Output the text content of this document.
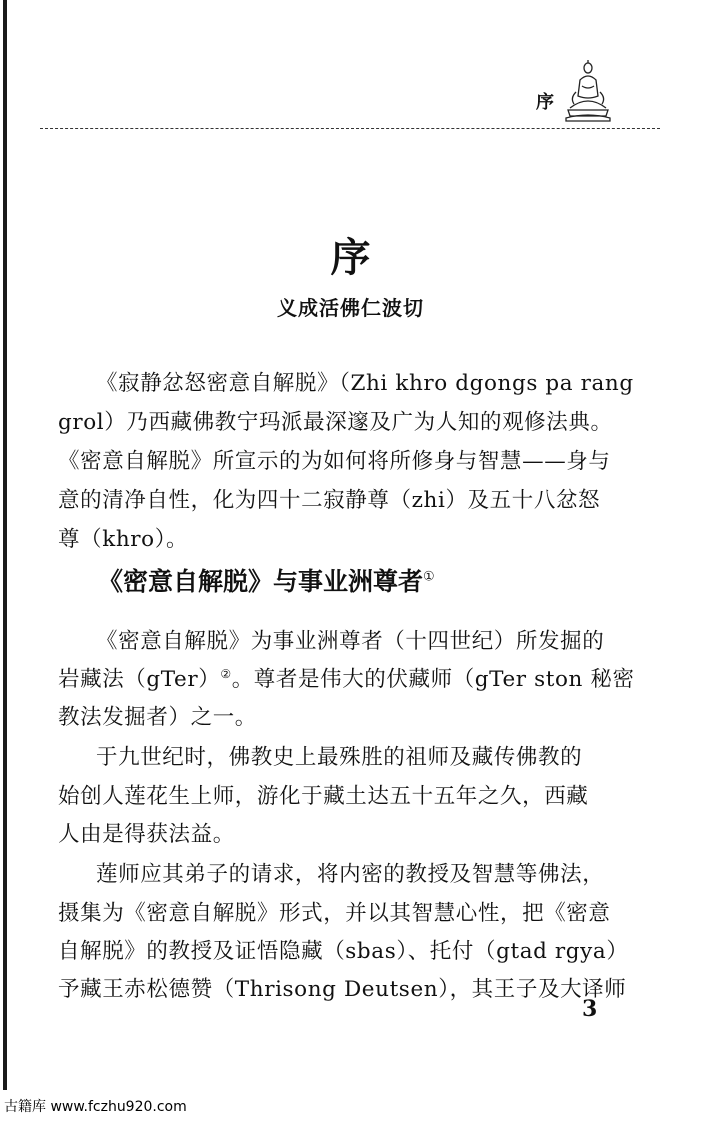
序
序
义成活佛仁波切
《寂静忿怒密意自解脱》（Zhi khro dgongs pa rang
grol）乃西藏佛教宁玛派最深邃及广为人知的观修法典。
《密意自解脱》所宣示的为如何将所修身与智慧——身与
意的清净自性，化为四十二寂静尊（zhi）及五十八忿怒
尊（khro）。
《密意自解脱》与事业洲尊者①
《密意自解脱》为事业洲尊者（十四世纪）所发掘的
岩藏法（gTer）②。尊者是伟大的伏藏师（gTer ston 秘密
教法发掘者）之一。
于九世纪时，佛教史上最殊胜的祖师及藏传佛教的
始创人莲花生上师，游化于藏土达五十五年之久，西藏
人由是得获法益。
莲师应其弟子的请求，将内密的教授及智慧等佛法，
摄集为《密意自解脱》形式，并以其智慧心性，把《密意
自解脱》的教授及证悟隐藏（sbas）、托付（gtad rgya）
予藏王赤松德赞（Thrisong Deutsen），其王子及大译师
3
古籍库 www.fczhu920.com
